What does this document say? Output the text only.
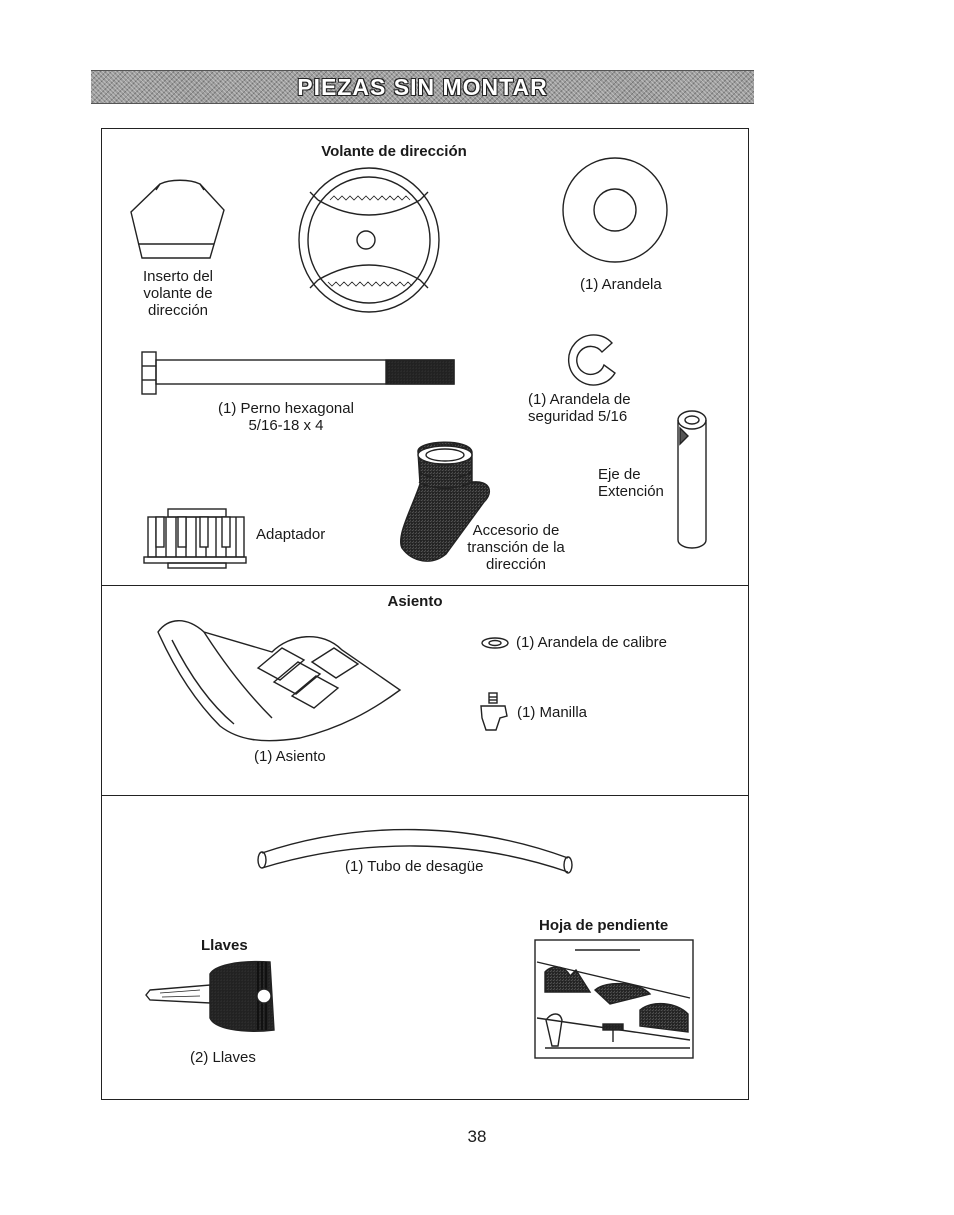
PIEZAS SIN MONTAR
Volante de dirección
Inserto del
volante de
dirección
(1) Arandela
(1) Perno hexagonal
5/16-18 x 4
(1) Arandela de
seguridad 5/16
Eje de
Extención
Adaptador	Accesorio de
transción de la
dirección
Asiento
(1) Arandela de calibre
(1) Manilla
(1) Asiento
(1) Tubo de desagüe
Llaves
(2) Llaves
Hoja de pendiente
38
